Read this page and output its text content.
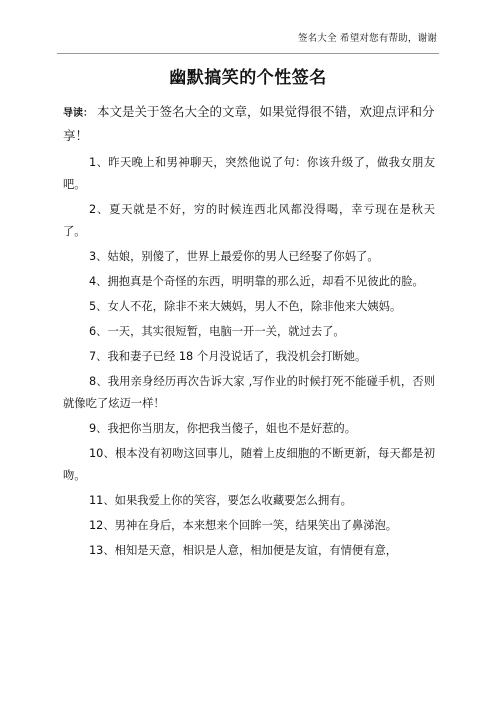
签名大全 希望对您有帮助，谢谢
幽默搞笑的个性签名
导读： 本文是关于签名大全的文章，如果觉得很不错，欢迎点评和分享！

1、昨天晚上和男神聊天，突然他说了句：你该升级了，做我女朋友吧。

2、夏天就是不好，穷的时候连西北风都没得喝，幸亏现在是秋天了。

3、姑娘，别傻了，世界上最爱你的男人已经娶了你妈了。

4、拥抱真是个奇怪的东西，明明靠的那么近，却看不见彼此的脸。

5、女人不花，除非不来大姨妈，男人不色，除非他来大姨妈。

6、一天，其实很短暂，电脑一开一关，就过去了。

7、我和妻子已经 18 个月没说话了，我没机会打断她。

8、我用亲身经历再次告诉大家 ,写作业的时候打死不能碰手机，否则就像吃了炫迈一样！

9、我把你当朋友，你把我当傻子，姐也不是好惹的。

10、根本没有初吻这回事儿，随着上皮细胞的不断更新，每天都是初吻。

11、如果我爱上你的笑容，要怎么收藏要怎么拥有。

12、男神在身后，本来想来个回眸一笑，结果笑出了鼻涕泡。

13、相知是天意，相识是人意，相加便是友谊，有情便有意，
